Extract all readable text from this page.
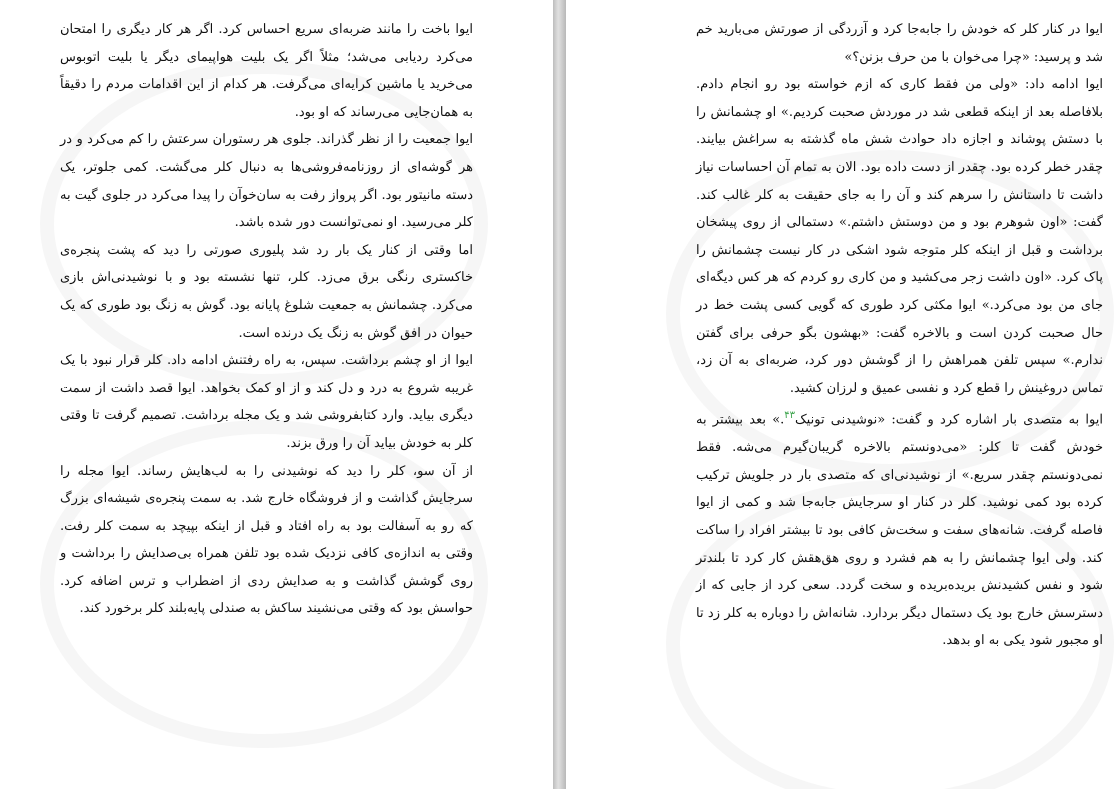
ایوا باخت را مانند ضربه‌ای سریع احساس کرد. اگر هر کار دیگری را امتحان می‌کرد ردیابی می‌شد؛ مثلاً اگر یک بلیت هواپیمای دیگر یا بلیت اتوبوس می‌خرید یا ماشین کرایه‌ای می‌گرفت. هر کدام از این اقدامات مردم را دقیقاً به همان‌جایی می‌رساند که او بود.

ایوا جمعیت را از نظر گذراند. جلوی هر رستوران سرعتش را کم می‌کرد و در هر گوشه‌ای از روزنامه‌فروشی‌ها به دنبال کلر می‌گشت. کمی جلوتر، یک دسته مانیتور بود. اگر پرواز رفت به سان‌خوآن را پیدا می‌کرد در جلوی گیت به کلر می‌رسید. او نمی‌توانست دور شده باشد.

اما وقتی از کنار یک بار رد شد پلیوری صورتی را دید که پشت پنجره‌ی خاکستری رنگی برق می‌زد. کلر، تنها نشسته بود و با نوشیدنی‌اش بازی می‌کرد. چشمانش به جمعیت شلوغ پایانه بود. گوش به زنگ بود طوری که یک حیوان در افق گوش به زنگ یک درنده است.

ایوا از او چشم برداشت. سپس، به راه رفتنش ادامه داد. کلر قرار نبود با یک غریبه شروع به درد و دل کند و از او کمک بخواهد. ایوا قصد داشت از سمت دیگری بیاید. وارد کتابفروشی شد و یک مجله برداشت. تصمیم گرفت تا وقتی کلر به خودش بیاید آن را ورق بزند.

از آن سو، کلر را دید که نوشیدنی را به لب‌هایش رساند. ایوا مجله را سرجایش گذاشت و از فروشگاه خارج شد. به سمت پنجره‌ی شیشه‌ای بزرگ که رو به آسفالت بود به راه افتاد و قبل از اینکه بپیچد به سمت کلر رفت. وقتی به اندازه‌ی کافی نزدیک شده بود تلفن همراه بی‌صدایش را برداشت و روی گوشش گذاشت و به صدایش ردی از اضطراب و ترس اضافه کرد. حواسش بود که وقتی می‌نشیند ساکش به صندلی پایه‌بلند کلر برخورد کند.

ایوا در کنار کلر که خودش را جابه‌جا کرد و آزردگی از صورتش می‌بارید خم شد و پرسید: «چرا می‌خوان با من حرف بزنن؟»

ایوا ادامه داد: «ولی من فقط کاری که ازم خواسته بود رو انجام دادم. بلافاصله بعد از اینکه قطعی شد در موردش صحبت کردیم.» او چشمانش را با دستش پوشاند و اجازه داد حوادث شش ماه گذشته به سراغش بیایند. چقدر خطر کرده بود. چقدر از دست داده بود. الان به تمام آن احساسات نیاز داشت تا داستانش را سرهم کند و آن را به جای حقیقت به کلر غالب کند. گفت: «اون شوهرم بود و من دوستش داشتم.» دستمالی از روی پیشخان برداشت و قبل از اینکه کلر متوجه شود اشکی در کار نیست چشمانش را پاک کرد. «اون داشت زجر می‌کشید و من کاری رو کردم که هر کس دیگه‌ای جای من بود می‌کرد.» ایوا مکثی کرد طوری که گویی کسی پشت خط در حال صحبت کردن است و بالاخره گفت: «بهشون بگو حرفی برای گفتن ندارم.» سپس تلفن همراهش را از گوشش دور کرد، ضربه‌ای به آن زد، تماس دروغینش را قطع کرد و نفسی عمیق و لرزان کشید.

ایوا به متصدی بار اشاره کرد و گفت: «نوشیدنی تونیک$^{۴۳}$.» بعد بیشتر به خودش گفت تا کلر: «می‌دونستم بالاخره گریبان‌گیرم می‌شه. فقط نمی‌دونستم چقدر سریع.» از نوشیدنی‌ای که متصدی بار در جلویش ترکیب کرده بود کمی نوشید. کلر در کنار او سرجایش جابه‌جا شد و کمی از ایوا فاصله گرفت. شانه‌های سفت و سخت‌ش کافی بود تا بیشتر افراد را ساکت کند. ولی ایوا چشمانش را به هم فشرد و روی هق‌هقش کار کرد تا بلندتر شود و نفس کشیدنش بریده‌بریده و سخت گردد. سعی کرد از جایی که از دسترسش خارج بود یک دستمال دیگر بردارد. شانه‌اش را دوباره به کلر زد تا او مجبور شود یکی به او بدهد.
